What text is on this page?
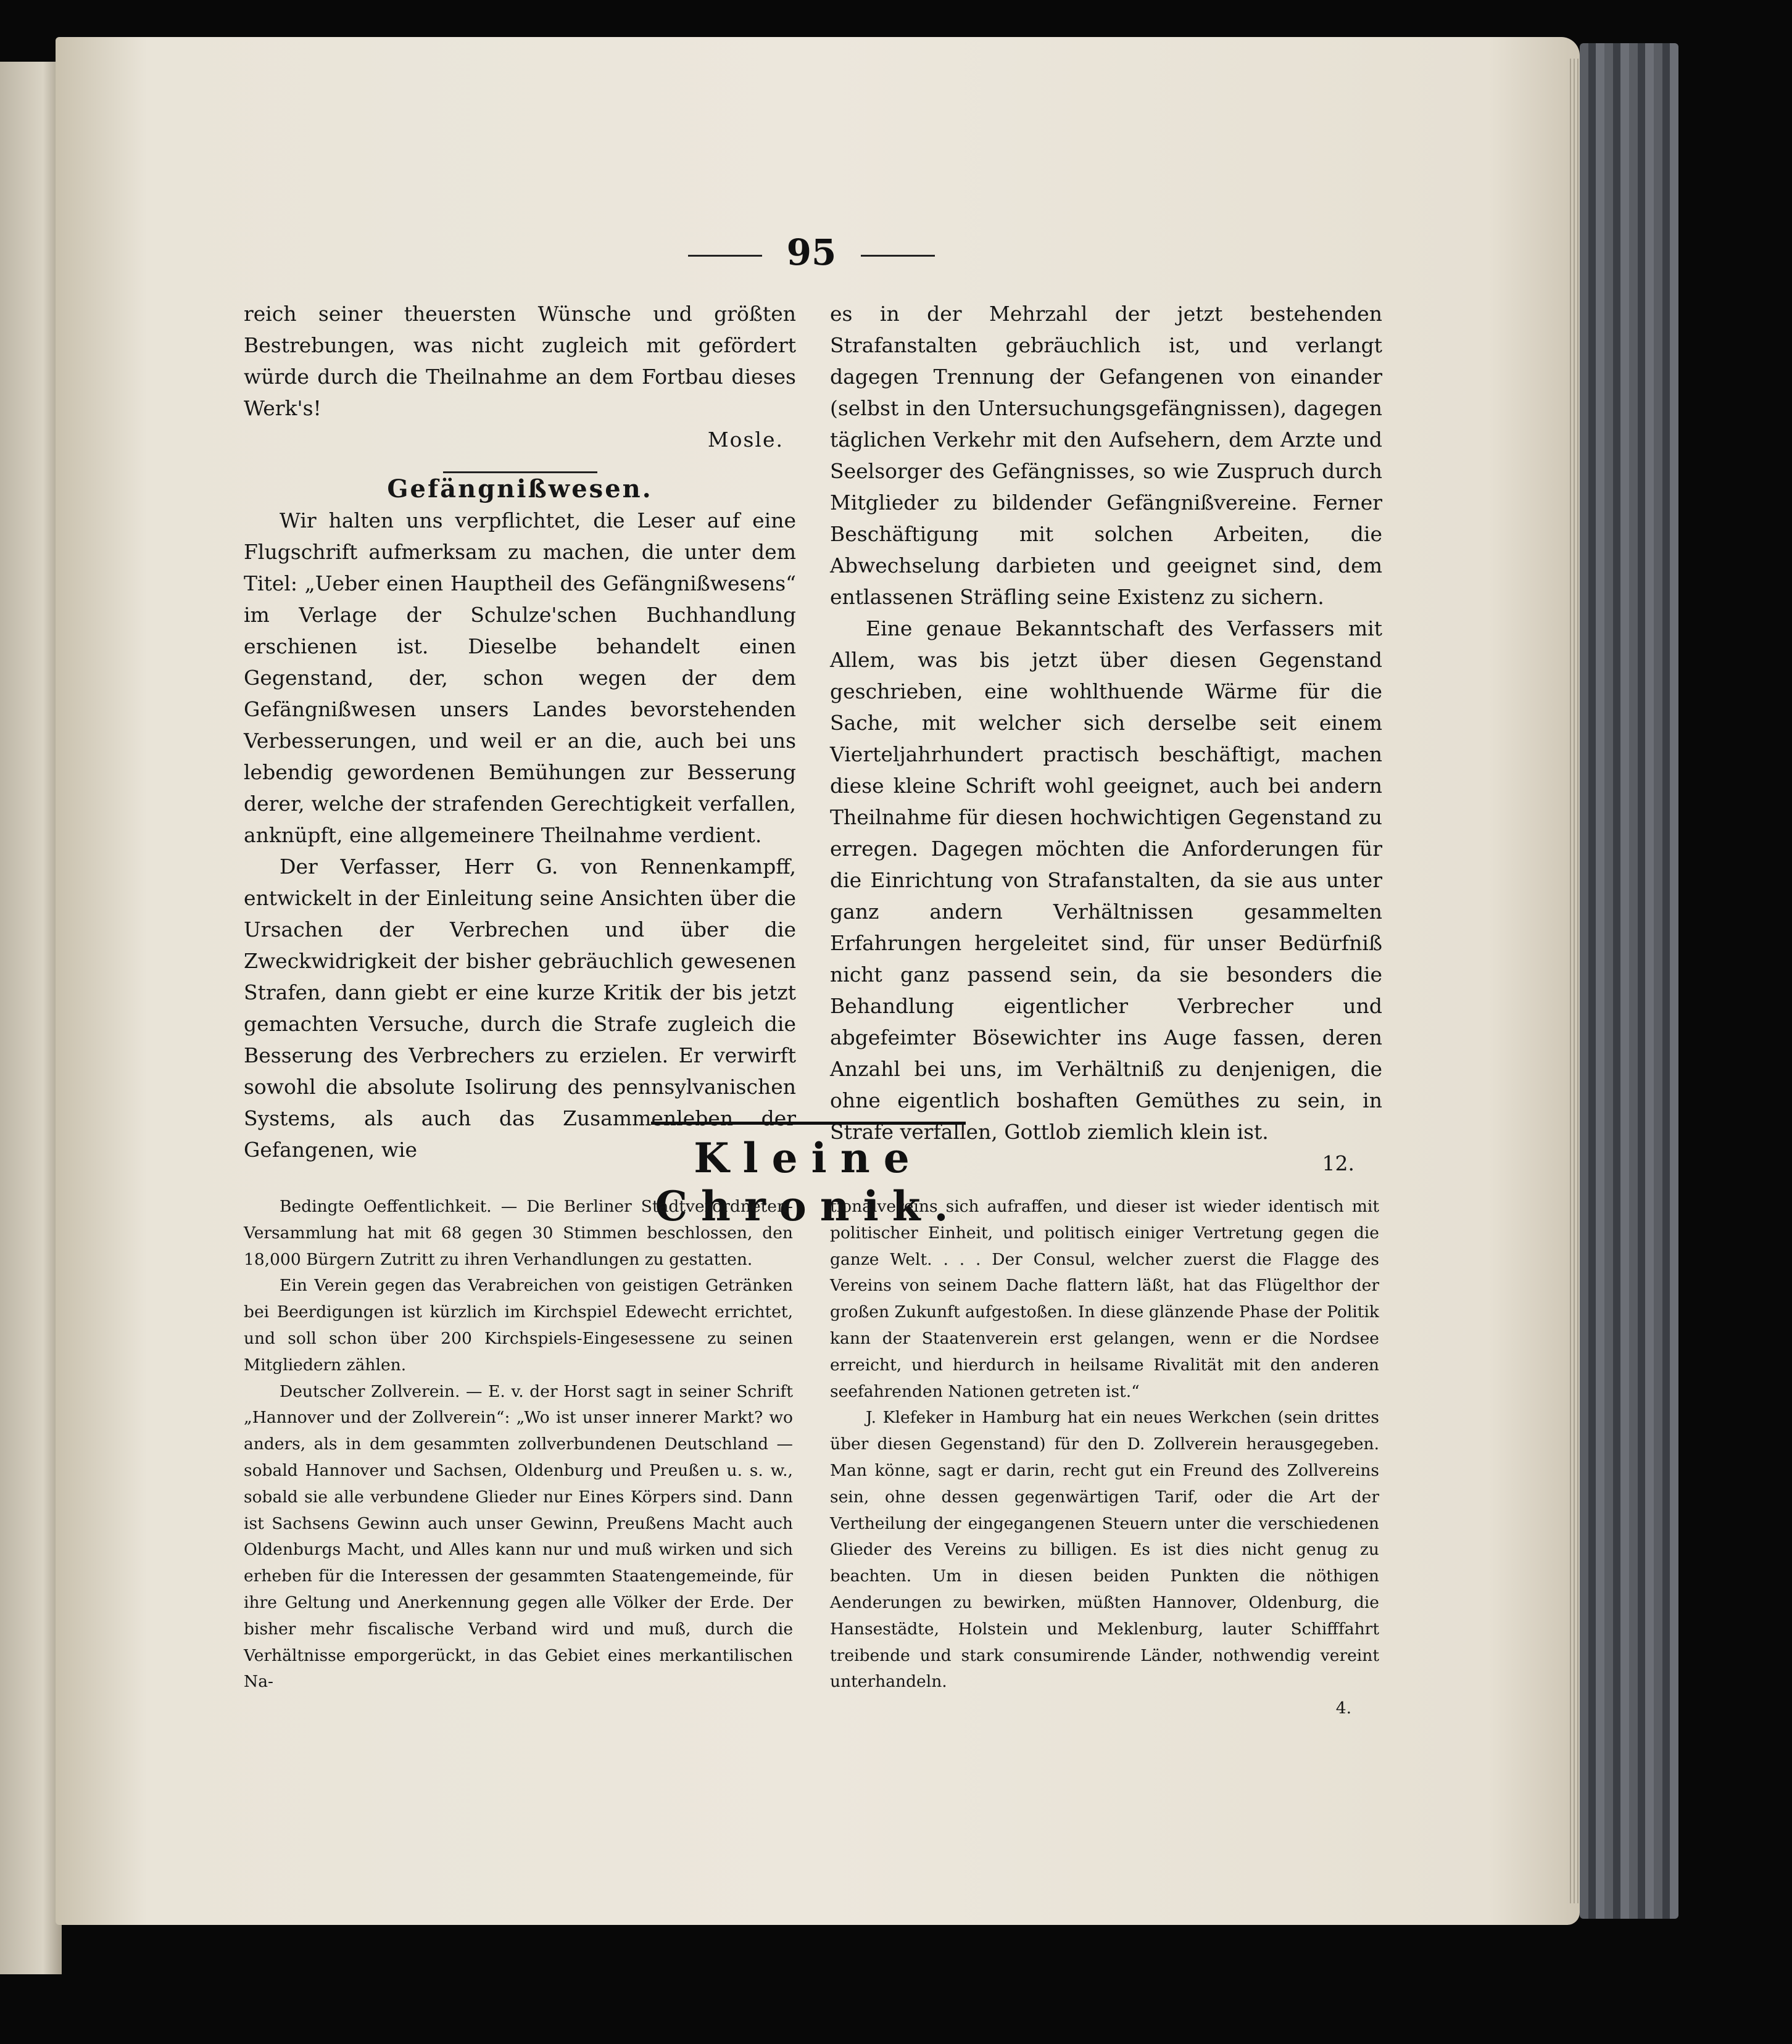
95

reich seiner theuersten Wünsche und größten Bestrebungen, was nicht zugleich mit gefördert würde durch die Theilnahme an dem Fortbau dieses Werk's!

Mosle.

Gefängnißwesen.

Wir halten uns verpflichtet, die Leser auf eine Flugschrift aufmerksam zu machen, die unter dem Titel: „Ueber einen Hauptheil des Gefängnißwesens“ im Verlage der Schulze'schen Buchhandlung erschienen ist. Dieselbe behandelt einen Gegenstand, der, schon wegen der dem Gefängnißwesen unsers Landes bevorstehenden Verbesserungen, und weil er an die, auch bei uns lebendig gewordenen Bemühungen zur Besserung derer, welche der strafenden Gerechtigkeit verfallen, anknüpft, eine allgemeinere Theilnahme verdient.

Der Verfasser, Herr G. von Rennenkampff, entwickelt in der Einleitung seine Ansichten über die Ursachen der Verbrechen und über die Zweckwidrigkeit der bisher gebräuchlich gewesenen Strafen, dann giebt er eine kurze Kritik der bis jetzt gemachten Versuche, durch die Strafe zugleich die Besserung des Verbrechers zu erzielen. Er verwirft sowohl die absolute Isolirung des pennsylvanischen Systems, als auch das Zusammenleben der Gefangenen, wie

es in der Mehrzahl der jetzt bestehenden Strafanstalten gebräuchlich ist, und verlangt dagegen Trennung der Gefangenen von einander (selbst in den Untersuchungsgefängnissen), dagegen täglichen Verkehr mit den Aufsehern, dem Arzte und Seelsorger des Gefängnisses, so wie Zuspruch durch Mitglieder zu bildender Gefängnißvereine. Ferner Beschäftigung mit solchen Arbeiten, die Abwechselung darbieten und geeignet sind, dem entlassenen Sträfling seine Existenz zu sichern.

Eine genaue Bekanntschaft des Verfassers mit Allem, was bis jetzt über diesen Gegenstand geschrieben, eine wohlthuende Wärme für die Sache, mit welcher sich derselbe seit einem Vierteljahrhundert practisch beschäftigt, machen diese kleine Schrift wohl geeignet, auch bei andern Theilnahme für diesen hochwichtigen Gegenstand zu erregen. Dagegen möchten die Anforderungen für die Einrichtung von Strafanstalten, da sie aus unter ganz andern Verhältnissen gesammelten Erfahrungen hergeleitet sind, für unser Bedürfniß nicht ganz passend sein, da sie besonders die Behandlung eigentlicher Verbrecher und abgefeimter Bösewichter ins Auge fassen, deren Anzahl bei uns, im Verhältniß zu denjenigen, die ohne eigentlich boshaften Gemüthes zu sein, in Strafe verfallen, Gottlob ziemlich klein ist.

12.

Kleine Chronik.

Bedingte Oeffentlichkeit. — Die Berliner Stadtverordneten-Versammlung hat mit 68 gegen 30 Stimmen beschlossen, den 18,000 Bürgern Zutritt zu ihren Verhandlungen zu gestatten.

Ein Verein gegen das Verabreichen von geistigen Getränken bei Beerdigungen ist kürzlich im Kirchspiel Edewecht errichtet, und soll schon über 200 Kirchspiels-Eingesessene zu seinen Mitgliedern zählen.

Deutscher Zollverein. — E. v. der Horst sagt in seiner Schrift „Hannover und der Zollverein“: „Wo ist unser innerer Markt? wo anders, als in dem gesammten zollverbundenen Deutschland — sobald Hannover und Sachsen, Oldenburg und Preußen u. s. w., sobald sie alle verbundene Glieder nur Eines Körpers sind. Dann ist Sachsens Gewinn auch unser Gewinn, Preußens Macht auch Oldenburgs Macht, und Alles kann nur und muß wirken und sich erheben für die Interessen der gesammten Staatengemeinde, für ihre Geltung und Anerkennung gegen alle Völker der Erde. Der bisher mehr fiscalische Verband wird und muß, durch die Verhältnisse emporgerückt, in das Gebiet eines merkantilischen Na-

tionalvereins sich aufraffen, und dieser ist wieder identisch mit politischer Einheit, und politisch einiger Vertretung gegen die ganze Welt. . . . Der Consul, welcher zuerst die Flagge des Vereins von seinem Dache flattern läßt, hat das Flügelthor der großen Zukunft aufgestoßen. In diese glänzende Phase der Politik kann der Staatenverein erst gelangen, wenn er die Nordsee erreicht, und hierdurch in heilsame Rivalität mit den anderen seefahrenden Nationen getreten ist.“

J. Klefeker in Hamburg hat ein neues Werkchen (sein drittes über diesen Gegenstand) für den D. Zollverein herausgegeben. Man könne, sagt er darin, recht gut ein Freund des Zollvereins sein, ohne dessen gegenwärtigen Tarif, oder die Art der Vertheilung der eingegangenen Steuern unter die verschiedenen Glieder des Vereins zu billigen. Es ist dies nicht genug zu beachten. Um in diesen beiden Punkten die nöthigen Aenderungen zu bewirken, müßten Hannover, Oldenburg, die Hansestädte, Holstein und Meklenburg, lauter Schifffahrt treibende und stark consumirende Länder, nothwendig vereint unterhandeln.

4.
